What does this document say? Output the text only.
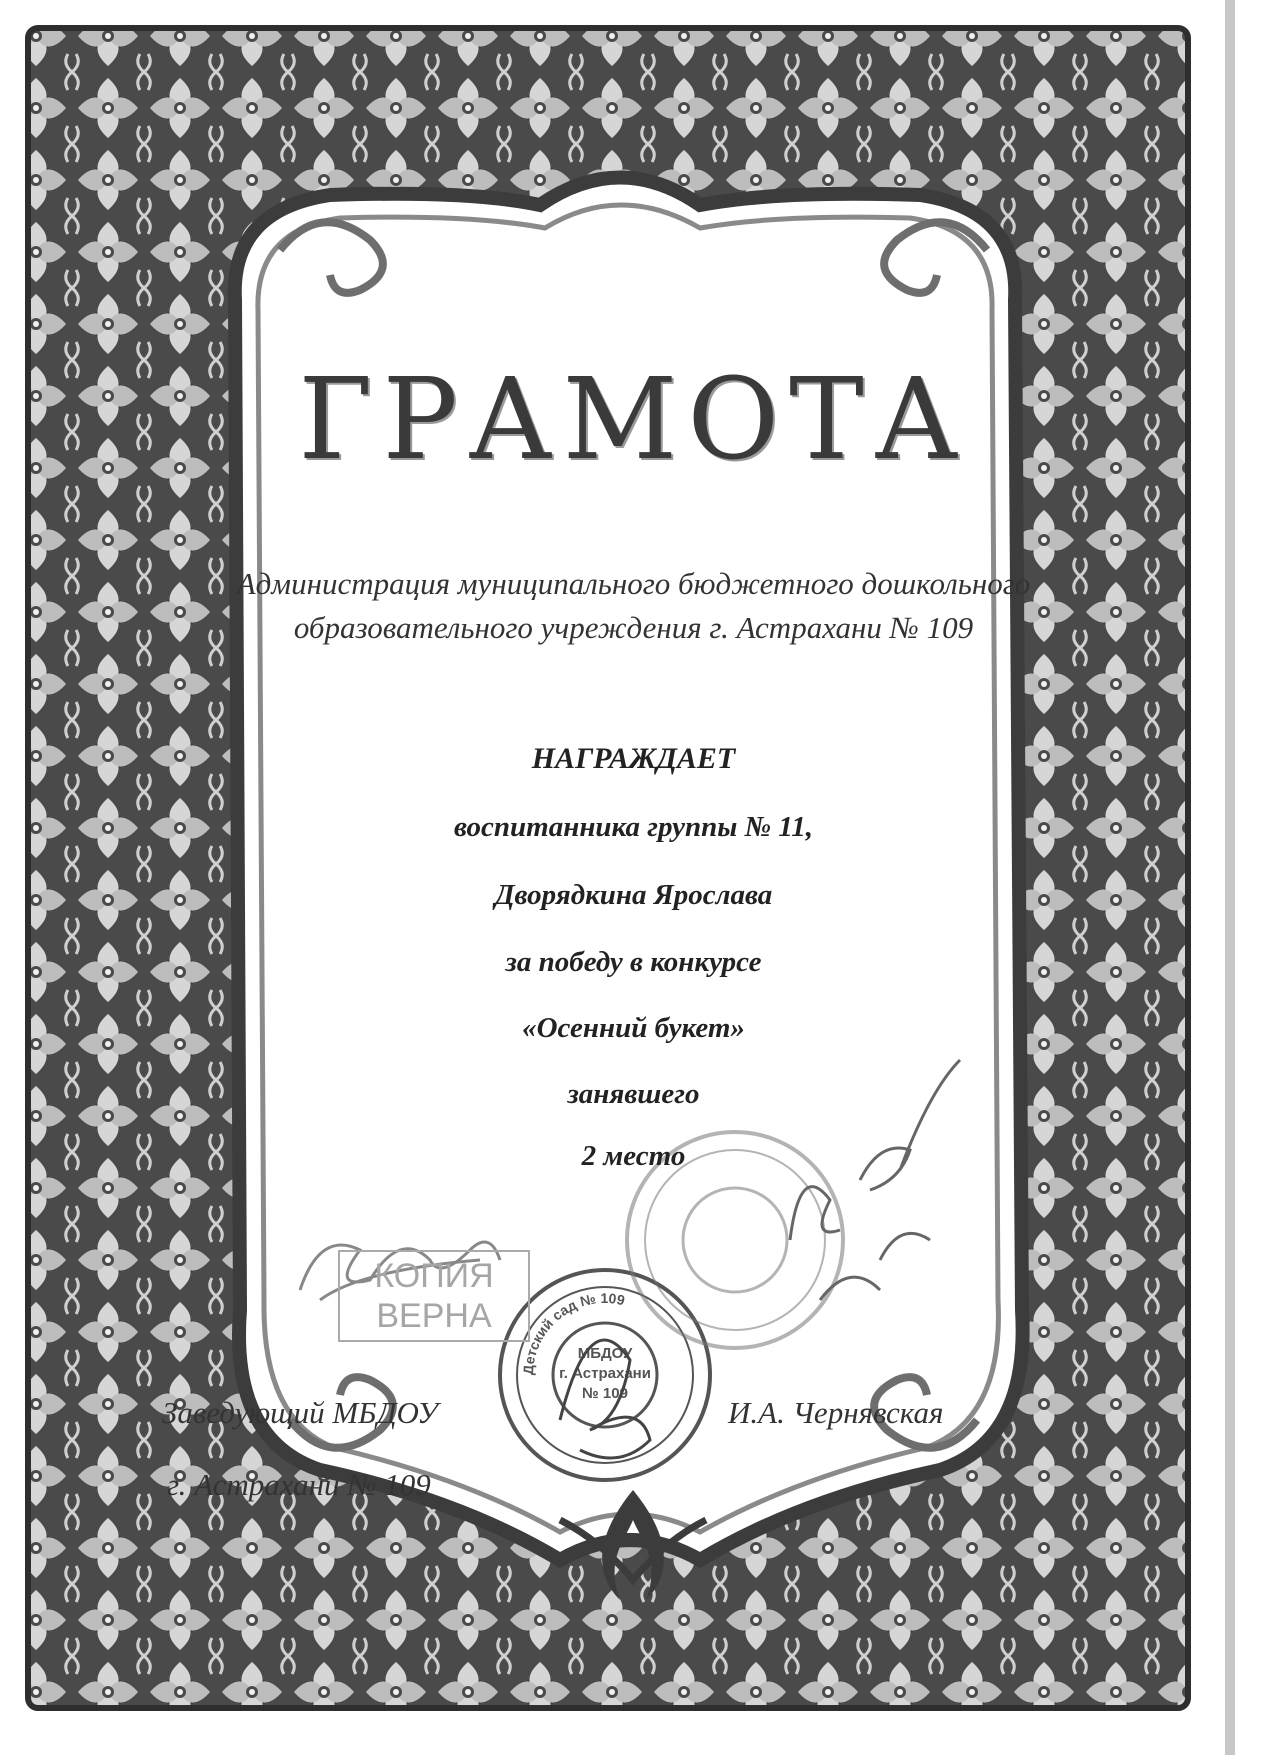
Детский сад № 109
МБДОУ
г. Астрахани
№ 109
ГРАМОТА

Администрация муниципального бюджетного дошкольного

образовательного учреждения г. Астрахани № 109

НАГРАЖДАЕТ

воспитанника группы № 11,

Дворядкина Ярослава

за победу в конкурсе

«Осенний букет»

занявшего

2 место

КОПИЯ
ВЕРНА
Заведующий МБДОУ
г. Астрахани № 109
И.А. Чернявская
